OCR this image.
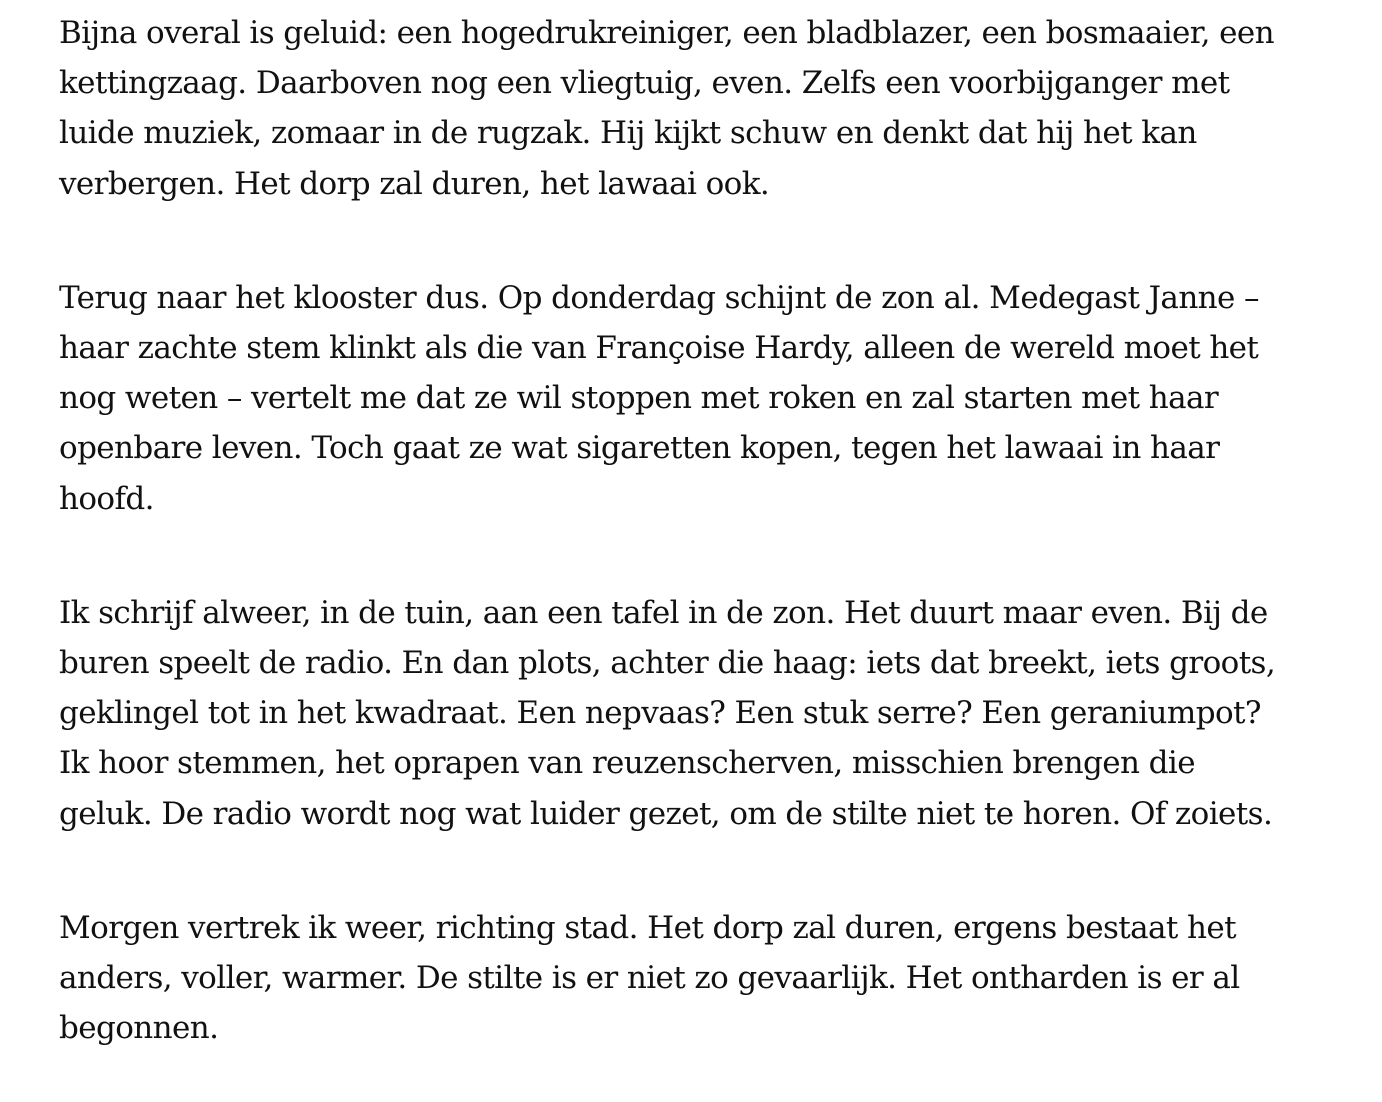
Bijna overal is geluid: een hogedrukreiniger, een bladblazer, een bosmaaier, een
kettingzaag. Daarboven nog een vliegtuig, even. Zelfs een voorbijganger met
luide muziek, zomaar in de rugzak. Hij kijkt schuw en denkt dat hij het kan
verbergen. Het dorp zal duren, het lawaai ook.

Terug naar het klooster dus. Op donderdag schijnt de zon al. Medegast Janne –
haar zachte stem klinkt als die van Françoise Hardy, alleen de wereld moet het
nog weten – vertelt me dat ze wil stoppen met roken en zal starten met haar
openbare leven. Toch gaat ze wat sigaretten kopen, tegen het lawaai in haar
hoofd.

Ik schrijf alweer, in de tuin, aan een tafel in de zon. Het duurt maar even. Bij de
buren speelt de radio. En dan plots, achter die haag: iets dat breekt, iets groots,
geklingel tot in het kwadraat. Een nepvaas? Een stuk serre? Een geraniumpot?
Ik hoor stemmen, het oprapen van reuzenscherven, misschien brengen die
geluk. De radio wordt nog wat luider gezet, om de stilte niet te horen. Of zoiets.

Morgen vertrek ik weer, richting stad. Het dorp zal duren, ergens bestaat het
anders, voller, warmer. De stilte is er niet zo gevaarlijk. Het ontharden is er al
begonnen.
